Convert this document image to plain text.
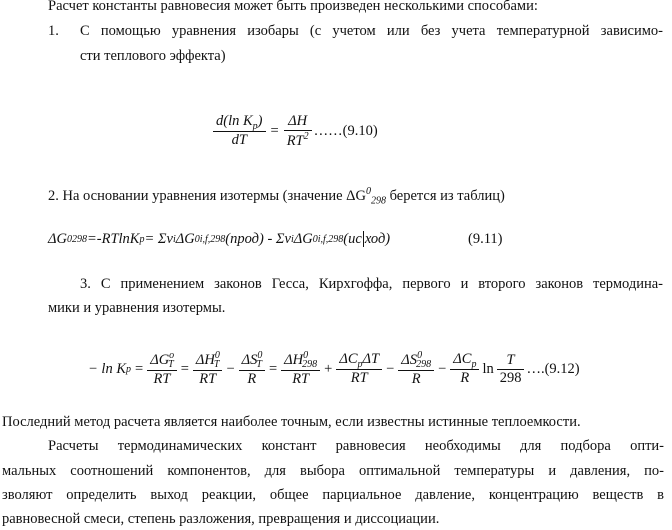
Расчет константы равновесия может быть произведен несколькими способами:
1. С помощью уравнения изобары (с учетом или без учета температурной зависимо-
сти теплового эффекта)
$\frac{d(\ln K_p)}{dT} = \frac{\Delta H}{RT^2}$ ……(9.10)
2. На основании уравнения изотермы (значение $\Delta G^0_{298}$ берется из таблиц)
ΔG 0 298 =-RTlnK p = Σν i ΔG 0 i,f,298 (прод) - Σν i ΔG 0 i,f,298 (ис ход)	(9.11)
3. С применением законов Гесса, Кирхгоффа, первого и второго законов термодина-
мики и уравнения изотермы.
− ln K $p = \frac{\Delta G^o_T}{RT} = \frac{\Delta H^0_T}{RT} - \frac{\Delta S^0_T}{R} = \frac{\Delta H^0_{298}}{RT} + \frac{\Delta C_p\Delta T}{RT} - \frac{\Delta S^0_{298}}{R} - \frac{\Delta C_p}{R}$ $\ln \frac{T}{298}$ ….(9.12)
Последний метод расчета является наиболее точным, если известны истинные теплоемкости.
Расчеты термодинамических констант равновесия необходимы для подбора опти-
мальных соотношений компонентов, для выбора оптимальной температуры и давления, по-
зволяют определить выход реакции, общее парциальное давление, концентрацию веществ в
равновесной смеси, степень разложения, превращения и диссоциации.
